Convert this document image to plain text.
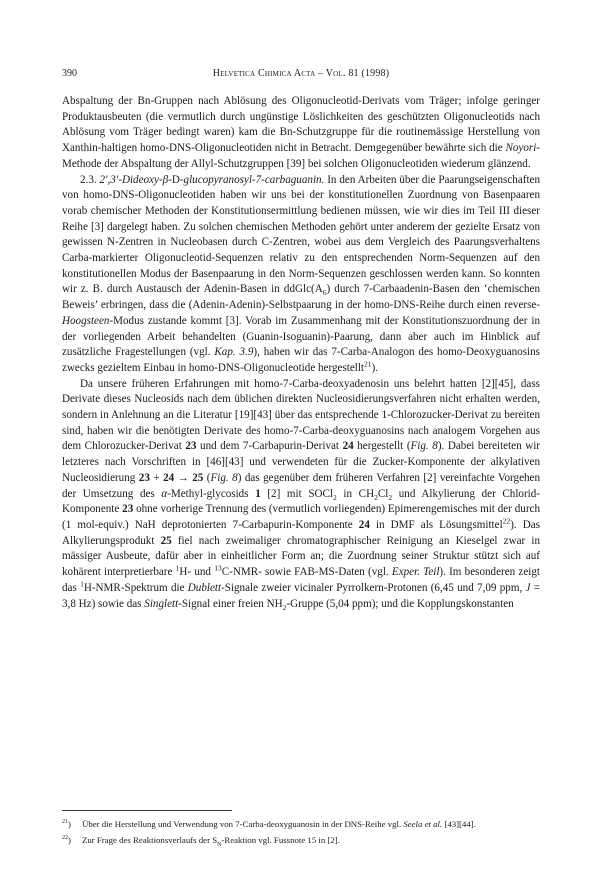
390	Helvetica Chimica Acta – Vol. 81 (1998)

Abspaltung der Bn-Gruppen nach Ablösung des Oligonucleotid-Derivats vom Träger; infolge geringer Produktausbeuten (die vermutlich durch ungünstige Löslichkeiten des geschützten Oligonucleotids nach Ablösung vom Träger bedingt waren) kam die Bn-Schutzgruppe für die routinemässige Herstellung von Xanthin-haltigen homo-DNS-Oligonucleotiden nicht in Betracht. Demgegenüber bewährte sich die Noyori-Methode der Abspaltung der Allyl-Schutzgruppen [39] bei solchen Oligonucleotiden wiederum glänzend.

2.3. 2′,3′-Dideoxy-β-D-glucopyranosyl-7-carbaguanin. In den Arbeiten über die Paarungseigenschaften von homo-DNS-Oligonucleotiden haben wir uns bei der konstitutionellen Zuordnung von Basenpaaren vorab chemischer Methoden der Konstitutionsermittlung bedienen müssen, wie wir dies im Teil III dieser Reihe [3] dargelegt haben. Zu solchen chemischen Methoden gehört unter anderem der gezielte Ersatz von gewissen N-Zentren in Nucleobasen durch C-Zentren, wobei aus dem Vergleich des Paarungsverhaltens Carba-markierter Oligonucleotid-Sequenzen relativ zu den entsprechenden Norm-Sequenzen auf den konstitutionellen Modus der Basenpaarung in den Norm-Sequenzen geschlossen werden kann. So konnten wir z. B. durch Austausch der Adenin-Basen in $ddGlc(A_6)$ durch 7-Carbaadenin-Basen den ‘chemischen Beweis’ erbringen, dass die (Adenin-Adenin)-Selbstpaarung in der homo-DNS-Reihe durch einen reverse-Hoogsteen-Modus zustande kommt [3]. Vorab im Zusammenhang mit der Konstitutionszuordnung der in der vorliegenden Arbeit behandelten (Guanin-Isoguanin)-Paarung, dann aber auch im Hinblick auf zusätzliche Fragestellungen (vgl. Kap. 3.9), haben wir das 7-Carba-Analogon des homo-Deoxyguanosins zwecks gezieltem Einbau in homo-DNS-Oligonucleotide hergestellt$^{21}$).

Da unsere früheren Erfahrungen mit homo-7-Carba-deoxyadenosin uns belehrt hatten [2][45], dass Derivate dieses Nucleosids nach dem üblichen direkten Nucleosidierungsverfahren nicht erhalten werden, sondern in Anlehnung an die Literatur [19][43] über das entsprechende 1-Chlorozucker-Derivat zu bereiten sind, haben wir die benötigten Derivate des homo-7-Carba-deoxyguanosins nach analogem Vorgehen aus dem Chlorozucker-Derivat 23 und dem 7-Carbapurin-Derivat 24 hergestellt (Fig. 8). Dabei bereiteten wir letzteres nach Vorschriften in [46][43] und verwendeten für die Zucker-Komponente der alkylativen Nucleosidierung 23 + 24 → 25 (Fig. 8) das gegenüber dem früheren Verfahren [2] vereinfachte Vorgehen der Umsetzung des α-Methyl-glycosids 1 [2] mit SOCl$_2$ in $CH_2Cl_2$ und Alkylierung der Chlorid-Komponente 23 ohne vorherige Trennung des (vermutlich vorliegenden) Epimerengemisches mit der durch (1 mol-equiv.) NaH deprotonierten 7-Carbapurin-Komponente 24 in DMF als Lösungsmittel$^{22}$). Das Alkylierungsprodukt 25 fiel nach zweimaliger chromatographischer Reinigung an Kieselgel zwar in mässiger Ausbeute, dafür aber in einheitlicher Form an; die Zuordnung seiner Struktur stützt sich auf kohärent interpretierbare $^1$H- und $^{13}$C-NMR- sowie FAB-MS-Daten (vgl. Exper. Teil). Im besonderen zeigt das $^1$H-NMR-Spektrum die Dublett-Signale zweier vicinaler Pyrrolkern-Protonen (6,45 und 7,09 ppm, J = 3,8 Hz) sowie das Singlett-Signal einer freien $NH_2$-Gruppe (5,04 ppm); und die Kopplungskonstanten

$^{21}$) Über die Herstellung und Verwendung von 7-Carba-deoxyguanosin in der DNS-Reihe vgl. Seela et al. [43][44].
$^{22}$) Zur Frage des Reaktionsverlaufs der $S_N$-Reaktion vgl. Fussnote 15 in [2].
